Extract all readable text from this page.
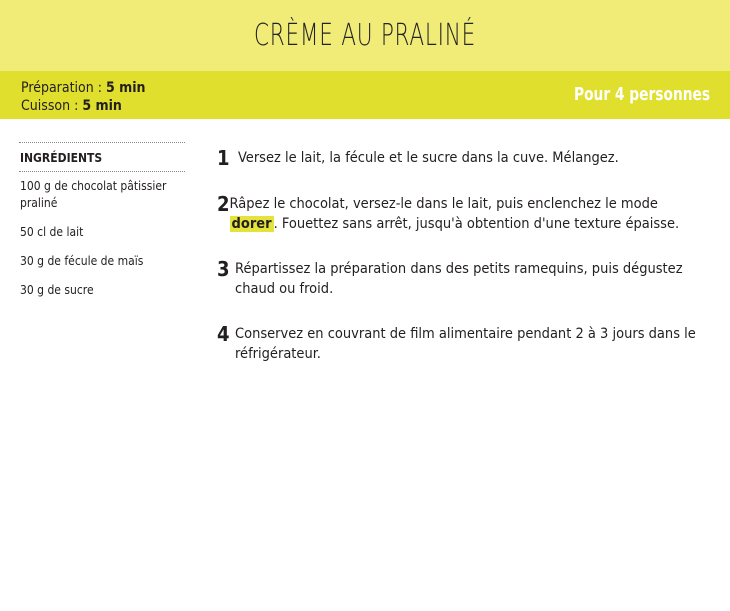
CRÈME AU PRALINÉ
Préparation : 5 min
Cuisson : 5 min
Pour 4 personnes
INGRÉDIENTS
100 g de chocolat pâtissier praliné
50 cl de lait
30 g de fécule de maïs
30 g de sucre
1 Versez le lait, la fécule et le sucre dans la cuve. Mélangez.
2 Râpez le chocolat, versez-le dans le lait, puis enclenchez le mode dorer . Fouettez sans arrêt, jusqu'à obtention d'une texture épaisse.
3 Répartissez la préparation dans des petits ramequins, puis dégustez chaud ou froid.
4 Conservez en couvrant de film alimentaire pendant 2 à 3 jours dans le réfrigérateur.
